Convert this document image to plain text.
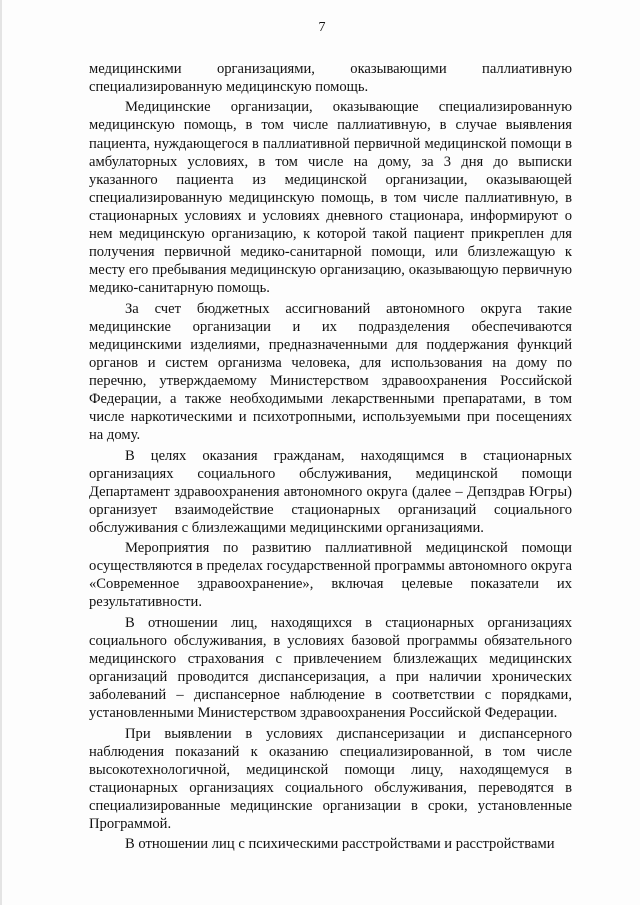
7

медицинскими организациями, оказывающими паллиативную специализированную медицинскую помощь.

Медицинские организации, оказывающие специализированную медицинскую помощь, в том числе паллиативную, в случае выявления пациента, нуждающегося в паллиативной первичной медицинской помощи в амбулаторных условиях, в том числе на дому, за 3 дня до выписки указанного пациента из медицинской организации, оказывающей специализированную медицинскую помощь, в том числе паллиативную, в стационарных условиях и условиях дневного стационара, информируют о нем медицинскую организацию, к которой такой пациент прикреплен для получения первичной медико-санитарной помощи, или близлежащую к месту его пребывания медицинскую организацию, оказывающую первичную медико-санитарную помощь.

За счет бюджетных ассигнований автономного округа такие медицинские организации и их подразделения обеспечиваются медицинскими изделиями, предназначенными для поддержания функций органов и систем организма человека, для использования на дому по перечню, утверждаемому Министерством здравоохранения Российской Федерации, а также необходимыми лекарственными препаратами, в том числе наркотическими и психотропными, используемыми при посещениях на дому.

В целях оказания гражданам, находящимся в стационарных организациях социального обслуживания, медицинской помощи Департамент здравоохранения автономного округа (далее – Депздрав Югры) организует взаимодействие стационарных организаций социального обслуживания с близлежащими медицинскими организациями.

Мероприятия по развитию паллиативной медицинской помощи осуществляются в пределах государственной программы автономного округа «Современное здравоохранение», включая целевые показатели их результативности.

В отношении лиц, находящихся в стационарных организациях социального обслуживания, в условиях базовой программы обязательного медицинского страхования с привлечением близлежащих медицинских организаций проводится диспансеризация, а при наличии хронических заболеваний – диспансерное наблюдение в соответствии с порядками, установленными Министерством здравоохранения Российской Федерации.

При выявлении в условиях диспансеризации и диспансерного наблюдения показаний к оказанию специализированной, в том числе высокотехнологичной, медицинской помощи лицу, находящемуся в стационарных организациях социального обслуживания, переводятся в специализированные медицинские организации в сроки, установленные Программой.

В отношении лиц с психическими расстройствами и расстройствами
